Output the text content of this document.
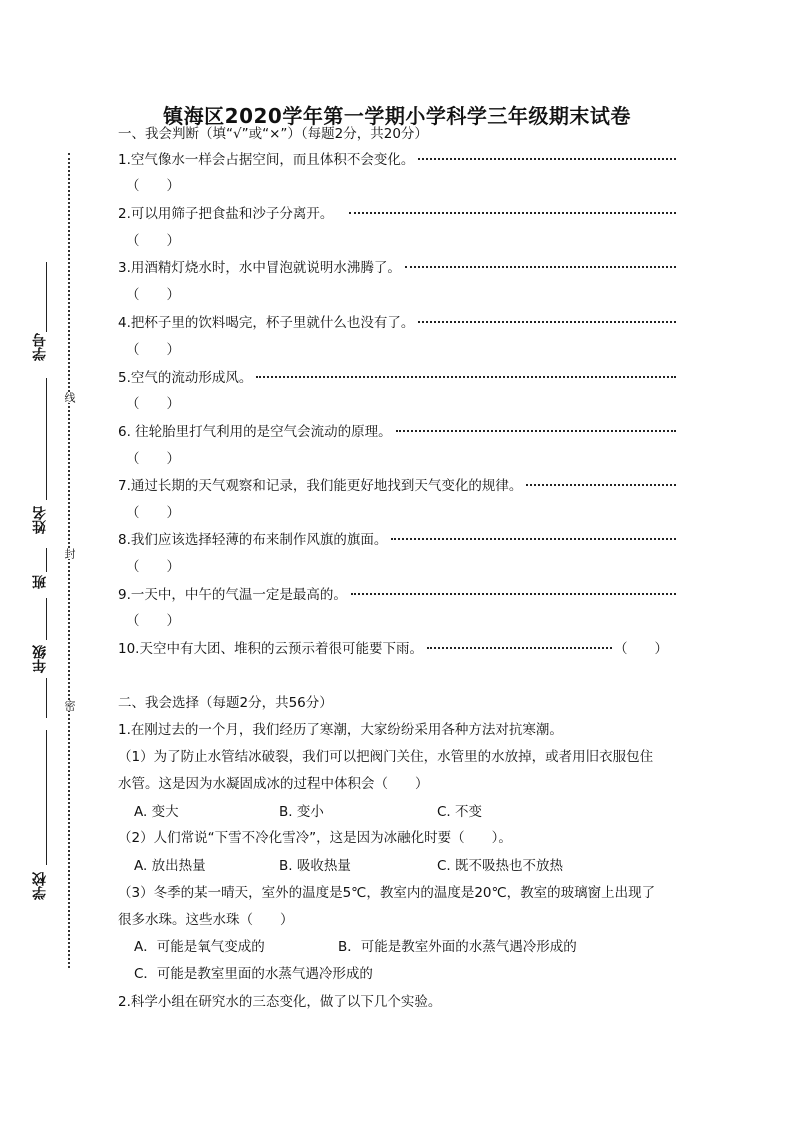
学号
姓名
班
年级
学校
线
封
密
镇海区2020学年第一学期小学科学三年级期末试卷
一、我会判断（填“√”或“×”）（每题2分，共20分）
1.空气像水一样会占据空间，而且体积不会变化。
（　　）
2.可以用筛子把食盐和沙子分离开。
（　　）
3.用酒精灯烧水时，水中冒泡就说明水沸腾了。
（　　）
4.把杯子里的饮料喝完，杯子里就什么也没有了。
（　　）
5.空气的流动形成风。
（　　）
6. 往轮胎里打气利用的是空气会流动的原理。
（　　）
7.通过长期的天气观察和记录，我们能更好地找到天气变化的规律。
（　　）
8.我们应该选择轻薄的布来制作风旗的旗面。
（　　）
9.一天中，中午的气温一定是最高的。
（　　）
10.天空中有大团、堆积的云预示着很可能要下雨。	（　　）
二、我会选择（每题2分，共56分）
1.在刚过去的一个月，我们经历了寒潮，大家纷纷采用各种方法对抗寒潮。
（1）为了防止水管结冰破裂，我们可以把阀门关住，水管里的水放掉，或者用旧衣服包住
水管。这是因为水凝固成冰的过程中体积会（　　）
A. 变大	B. 变小	C. 不变
（2）人们常说“下雪不冷化雪冷”，这是因为冰融化时要（　　）。
A. 放出热量	B. 吸收热量	C. 既不吸热也不放热
（3）冬季的某一晴天，室外的温度是5℃，教室内的温度是20℃，教室的玻璃窗上出现了
很多水珠。这些水珠（　　）
A．可能是氧气变成的	B．可能是教室外面的水蒸气遇冷形成的
C．可能是教室里面的水蒸气遇冷形成的
2.科学小组在研究水的三态变化，做了以下几个实验。
